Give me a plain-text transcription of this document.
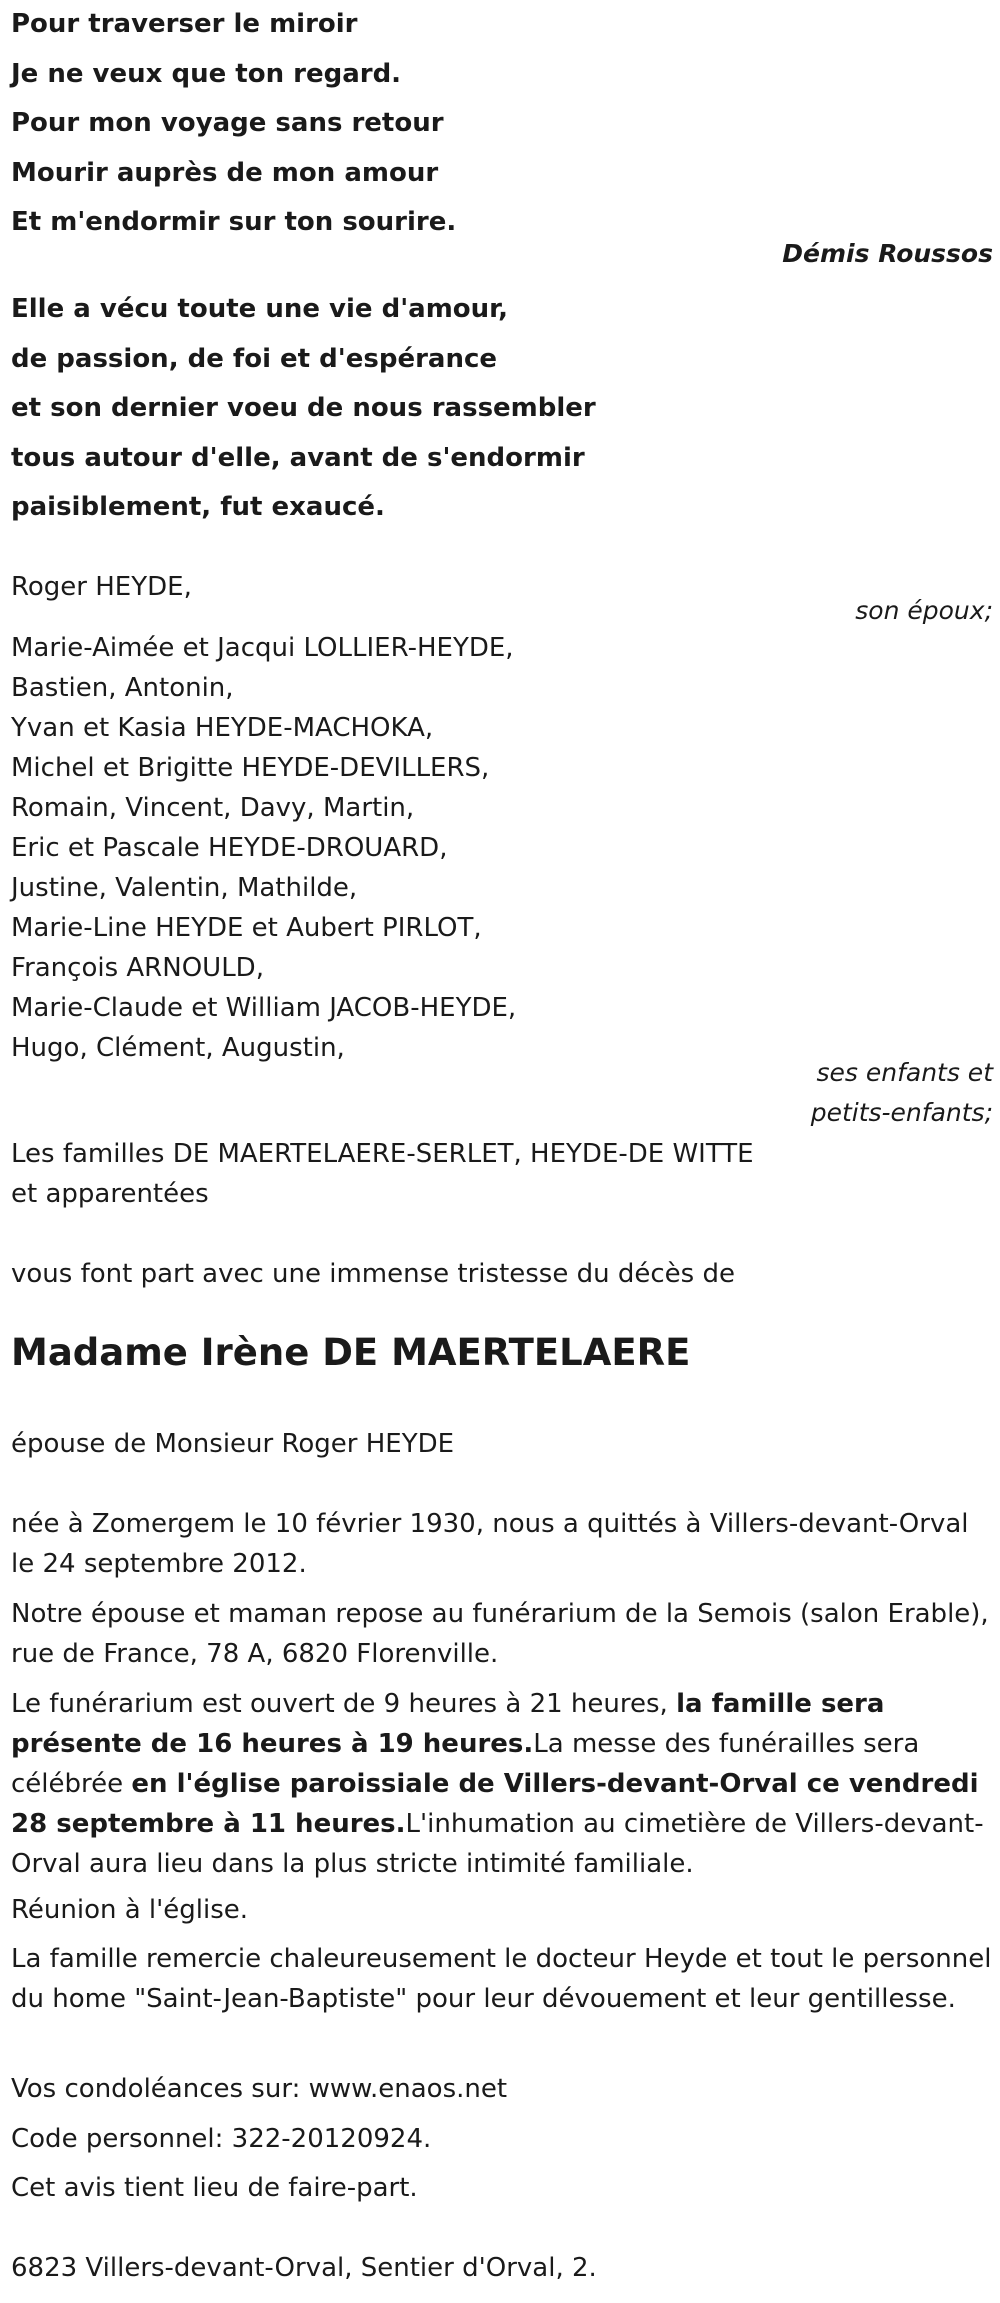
Pour traverser le miroir
Je ne veux que ton regard.
Pour mon voyage sans retour
Mourir auprès de mon amour
Et m'endormir sur ton sourire.
Démis Roussos
Elle a vécu toute une vie d'amour,
de passion, de foi et d'espérance
et son dernier voeu de nous rassembler
tous autour d'elle, avant de s'endormir
paisiblement, fut exaucé.
Roger HEYDE,
son époux;
Marie-Aimée et Jacqui LOLLIER-HEYDE,
Bastien, Antonin,
Yvan et Kasia HEYDE-MACHOKA,
Michel et Brigitte HEYDE-DEVILLERS,
Romain, Vincent, Davy, Martin,
Eric et Pascale HEYDE-DROUARD,
Justine, Valentin, Mathilde,
Marie-Line HEYDE et Aubert PIRLOT,
François ARNOULD,
Marie-Claude et William JACOB-HEYDE,
Hugo, Clément, Augustin,
ses enfants et
petits-enfants;
Les familles DE MAERTELAERE-SERLET, HEYDE-DE WITTE
et apparentées
vous font part avec une immense tristesse du décès de
Madame Irène DE MAERTELAERE
épouse de Monsieur Roger HEYDE
née à Zomergem le 10 février 1930, nous a quittés à Villers-devant-Orval le 24 septembre 2012.
Notre épouse et maman repose au funérarium de la Semois (salon Erable), rue de France, 78 A, 6820 Florenville.
Le funérarium est ouvert de 9 heures à 21 heures, la famille sera présente de 16 heures à 19 heures.La messe des funérailles sera célébrée en l'église paroissiale de Villers-devant-Orval ce vendredi 28 septembre à 11 heures.L'inhumation au cimetière de Villers-devant-Orval aura lieu dans la plus stricte intimité familiale.
Réunion à l'église.
La famille remercie chaleureusement le docteur Heyde et tout le personnel du home "Saint-Jean-Baptiste" pour leur dévouement et leur gentillesse.
Vos condoléances sur: www.enaos.net
Code personnel: 322-20120924.
Cet avis tient lieu de faire-part.
6823 Villers-devant-Orval, Sentier d'Orval, 2.
